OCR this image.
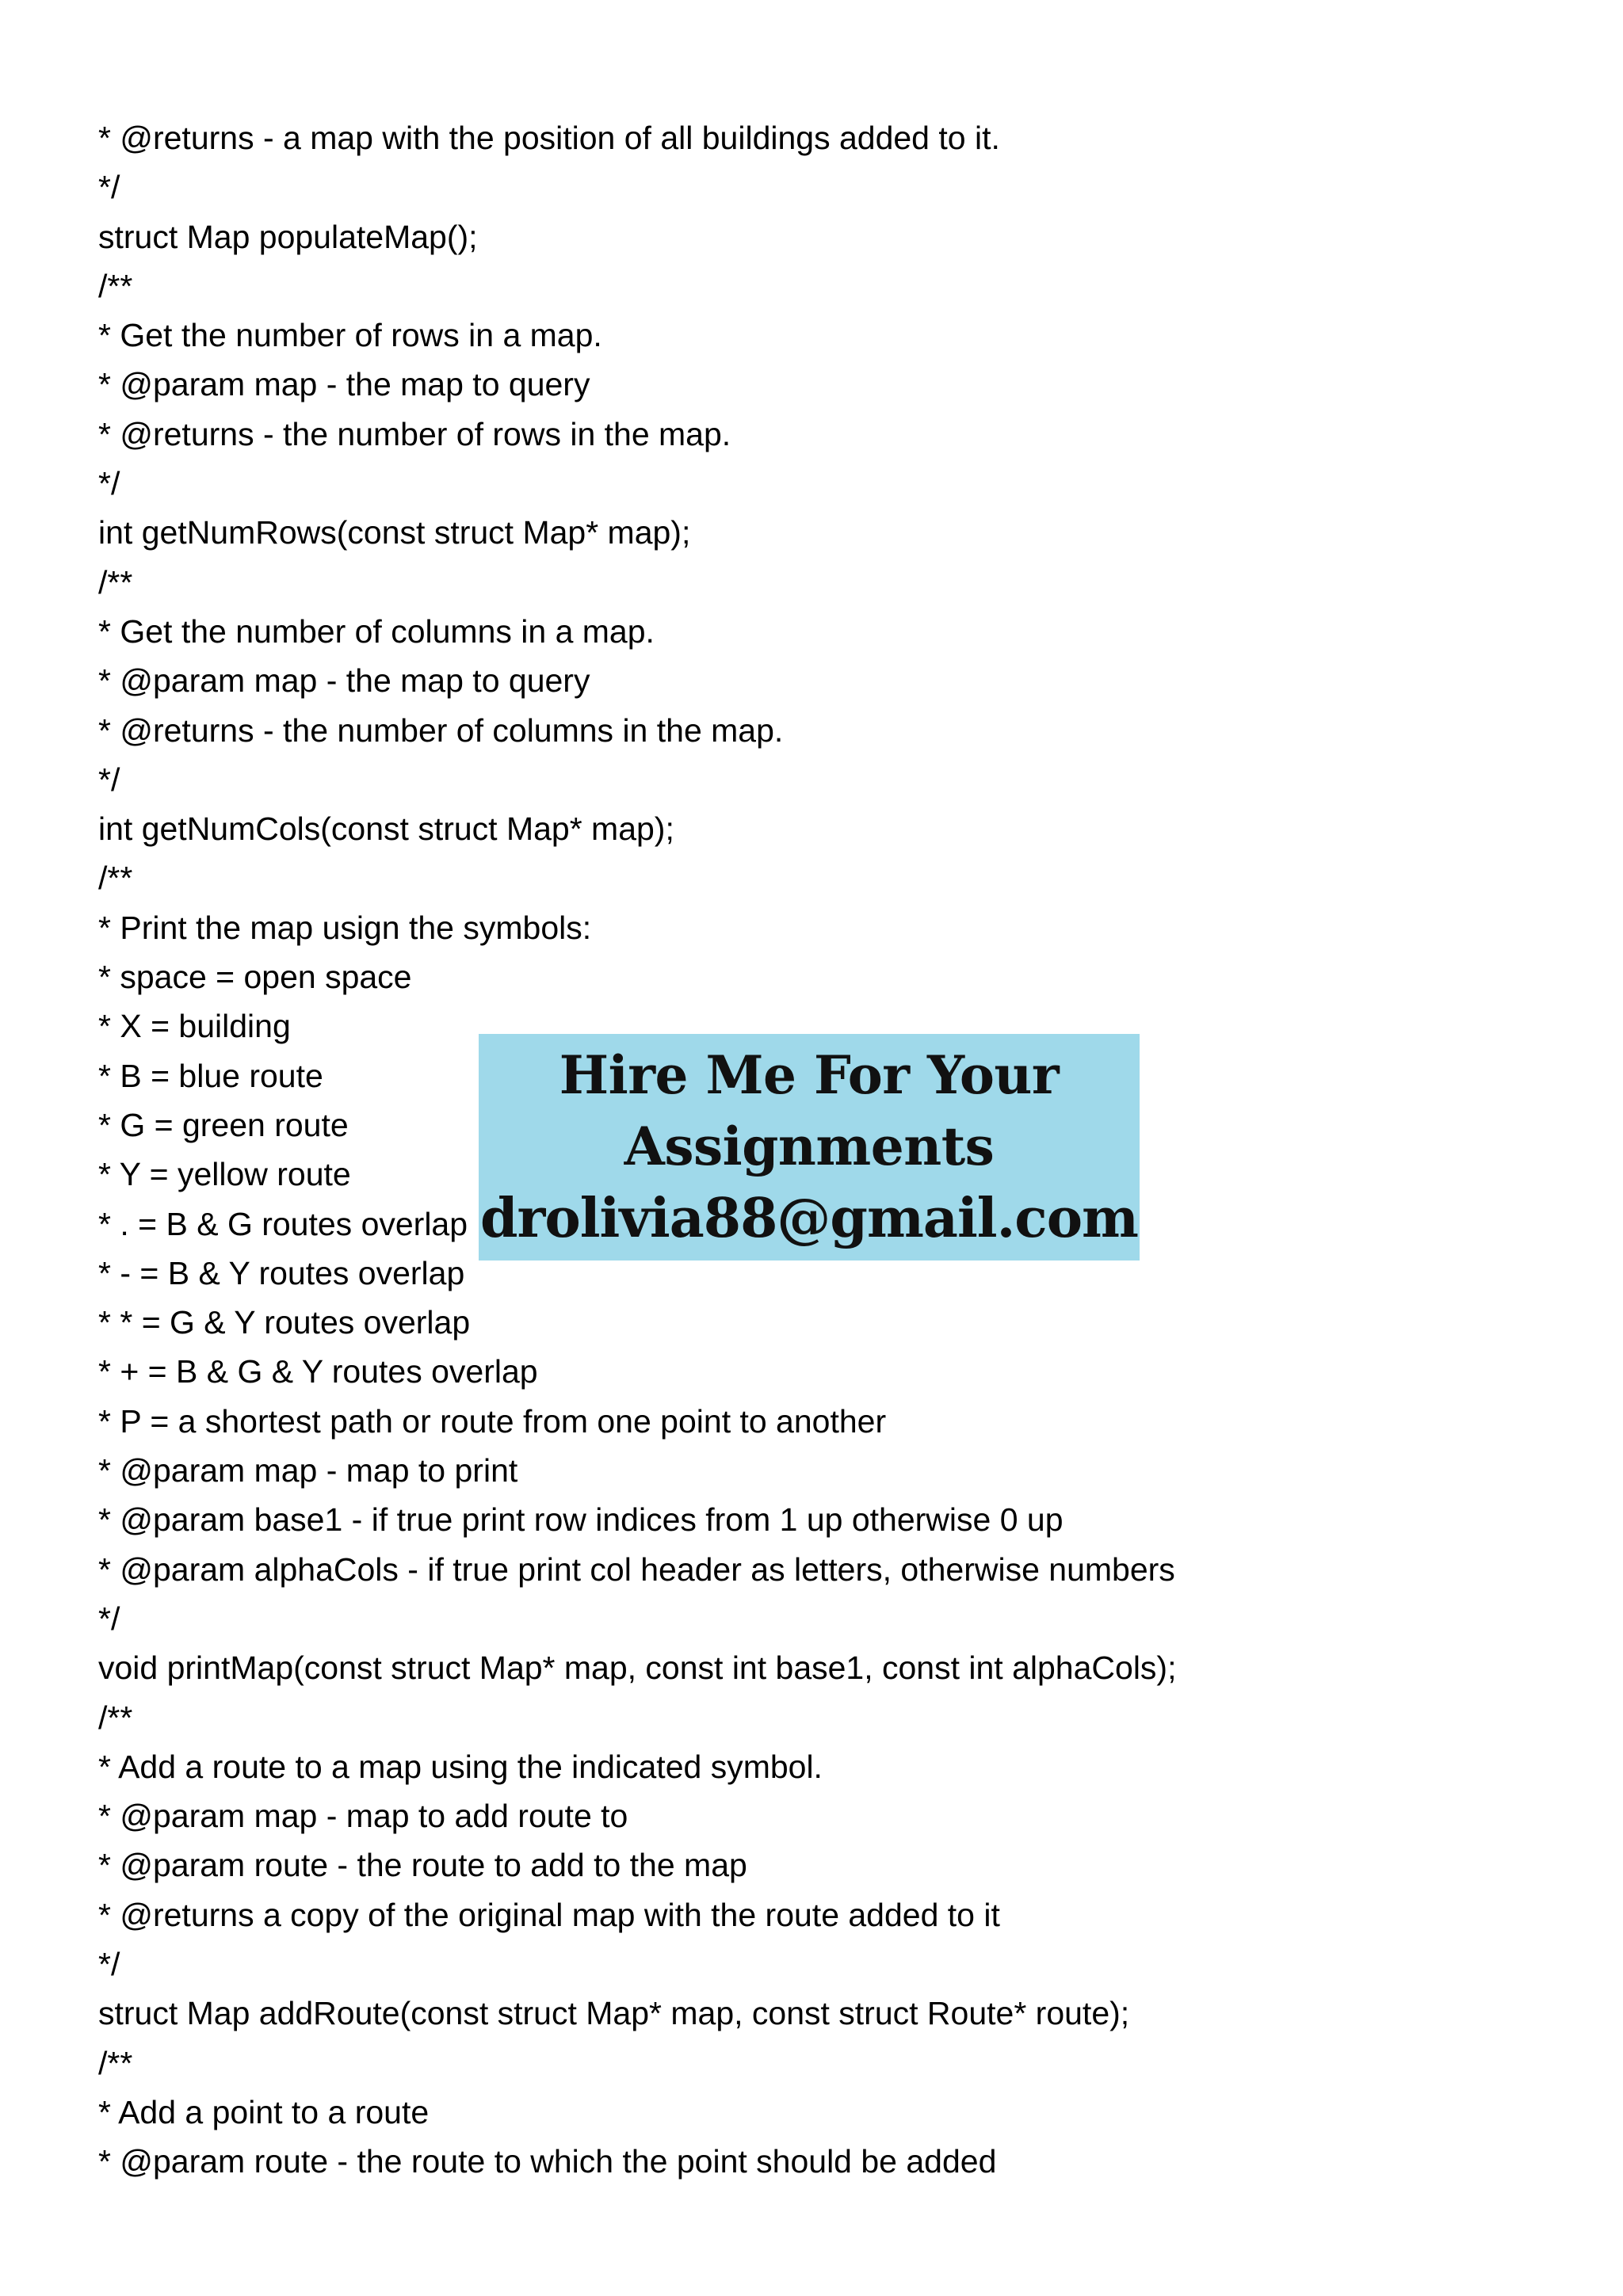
* @returns - a map with the position of all buildings added to it.
*/
struct Map populateMap();
/**
* Get the number of rows in a map.
* @param map - the map to query
* @returns - the number of rows in the map.
*/
int getNumRows(const struct Map* map);
/**
* Get the number of columns in a map.
* @param map - the map to query
* @returns - the number of columns in the map.
*/
int getNumCols(const struct Map* map);
/**
* Print the map usign the symbols:
* space = open space
* X = building
* B = blue route
* G = green route
* Y = yellow route
* . = B & G routes overlap
* - = B & Y routes overlap
* * = G & Y routes overlap
* + = B & G & Y routes overlap
* P = a shortest path or route from one point to another
* @param map - map to print
* @param base1 - if true print row indices from 1 up otherwise 0 up
* @param alphaCols - if true print col header as letters, otherwise numbers
*/
void printMap(const struct Map* map, const int base1, const int alphaCols);
/**
* Add a route to a map using the indicated symbol.
* @param map - map to add route to
* @param route - the route to add to the map
* @returns a copy of the original map with the route added to it
*/
struct Map addRoute(const struct Map* map, const struct Route* route);
/**
* Add a point to a route
* @param route - the route to which the point should be added
Hire Me For Your
Assignments
drolivia88@gmail.com
